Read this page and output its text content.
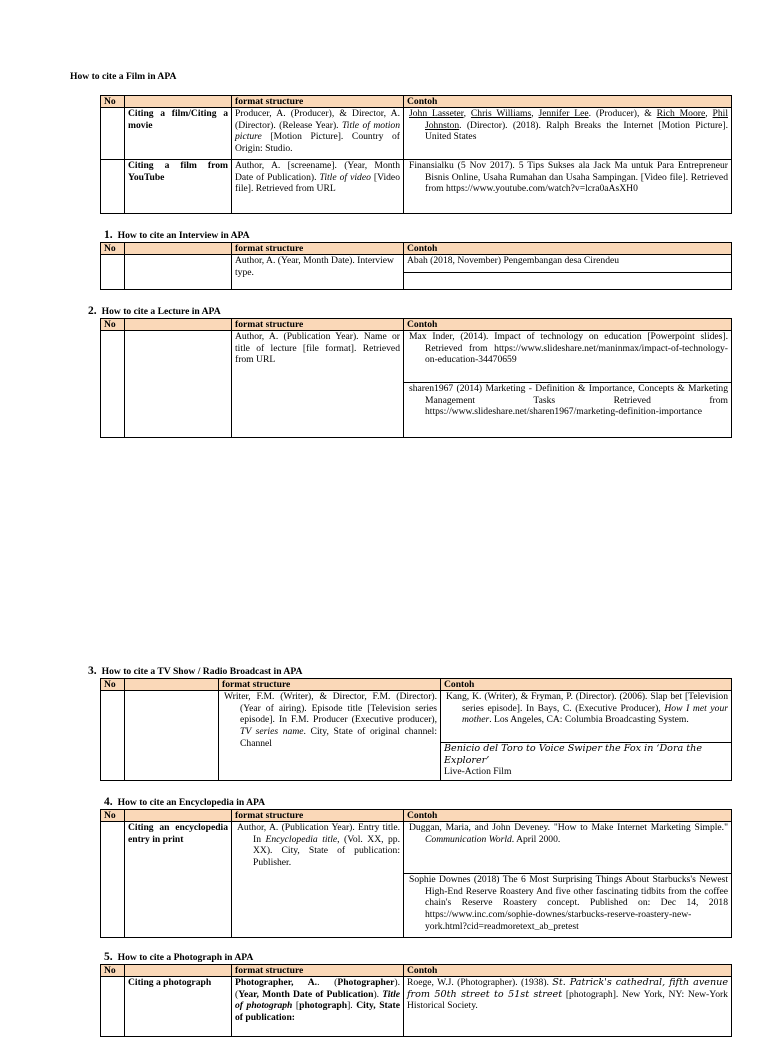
How to cite a Film in APA
No		format structure	Contoh
	Citing a film/Citing a movie	Producer, A. (Producer), & Director, A. (Director). (Release Year). Title of motion picture [Motion Picture]. Country of Origin: Studio.	John Lasseter, Chris Williams, Jennifer Lee. (Producer), & Rich Moore, Phil Johnston. (Director). (2018). Ralph Breaks the Internet [Motion Picture]. United States

	Citing a film from YouTube	Author, A. [screename]. (Year, Month Date of Publication). Title of video [Video file]. Retrieved from URL	Finansialku (5 Nov 2017). 5 Tips Sukses ala Jack Ma untuk Para Entrepreneur Bisnis Online, Usaha Rumahan dan Usaha Sampingan. [Video file]. Retrieved from https://www.youtube.com/watch?v=lcra0aAsXH0
1. How to cite an Interview in APA
No		format structure	Contoh
		Author, A. (Year, Month Date). Interview type.	Abah (2018, November) Pengembangan desa Cirendeu

2. How to cite a Lecture in APA
No		format structure	Contoh
		Author, A. (Publication Year). Name or title of lecture [file format]. Retrieved from URL	Max Inder, (2014). Impact of technology on education [Powerpoint slides]. Retrieved from https://www.slideshare.net/maninmax/impact-of-technology-on-education-34470659

			sharen1967 (2014) Marketing - Definition & Importance, Concepts & Marketing Management Tasks Retrieved from https://www.slideshare.net/sharen1967/marketing-definition-importance
3. How to cite a TV Show / Radio Broadcast in APA
No		format structure	Contoh

		Writer, F.M. (Writer), & Director, F.M. (Director). (Year of airing). Episode title [Television series episode]. In F.M. Producer (Executive producer), TV series name. City, State of original channel: Channel	Kang, K. (Writer), & Fryman, P. (Director). (2006). Slap bet [Television series episode]. In Bays, C. (Executive Producer), How I met your mother. Los Angeles, CA: Columbia Broadcasting System.

			Benicio del Toro to Voice Swiper the Fox in ‘Dora the Explorer’
Live-Action Film
4. How to cite an Encyclopedia in APA
No		format structure	Contoh
	Citing an encyclopedia entry in print	Author, A. (Publication Year). Entry title. In Encyclopedia title, (Vol. XX, pp. XX). City, State of publication: Publisher.	Duggan, Maria, and John Deveney. "How to Make Internet Marketing Simple." Communication World. April 2000.

			Sophie Downes (2018) The 6 Most Surprising Things About Starbucks's Newest High-End Reserve Roastery And five other fascinating tidbits from the coffee chain's Reserve Roastery concept. Published on: Dec 14, 2018 https://www.inc.com/sophie-downes/starbucks-reserve-roastery-new-york.html?cid=readmoretext_ab_pretest
5. How to cite a Photograph in APA
No		format structure	Contoh
	Citing a photograph	Photographer, A.. (Photographer). (Year, Month Date of Publication). Title of photograph [photograph]. City, State of publication:	Roege, W.J. (Photographer). (1938). St. Patrick's cathedral, fifth avenue from 50th street to 51st street [photograph]. New York, NY: New-York Historical Society.
